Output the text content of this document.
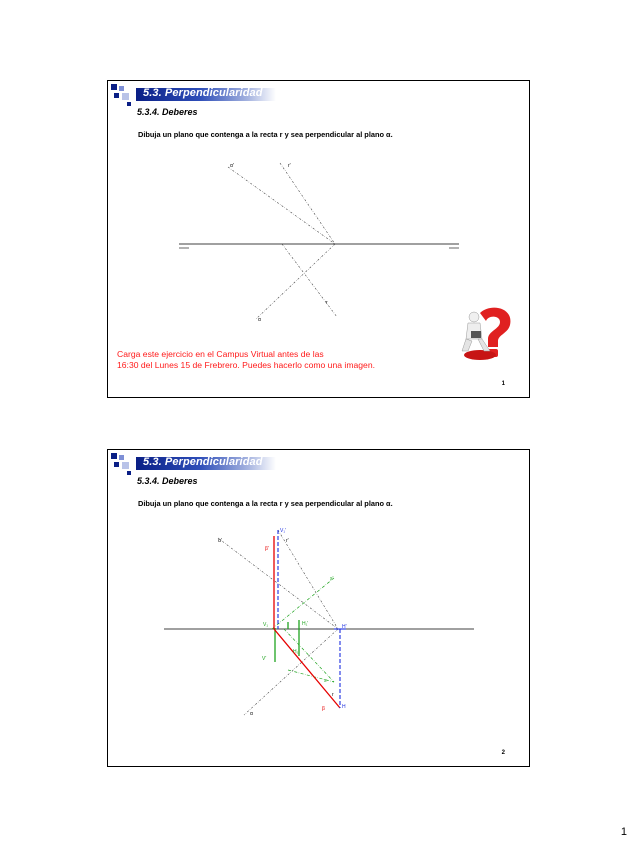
5.3. Perpendicularidad
5.3.4. Deberes
Dibuja un plano que contenga a la recta r y sea perpendicular al plano α.
α'	r'
r
α
Carga este ejercicio en el Campus Virtual antes de las
16:30 del Lunes 15 de Frebrero. Puedes hacerlo como una imagen.
1
5.3. Perpendicularidad
5.3.4. Deberes
Dibuja un plano que contenga a la recta r y sea perpendicular al plano α.
V₁'
r'
β'
α'
s'
H'
H₁'
V₁
V'
H₁
s
r
β
α
H
2
1
